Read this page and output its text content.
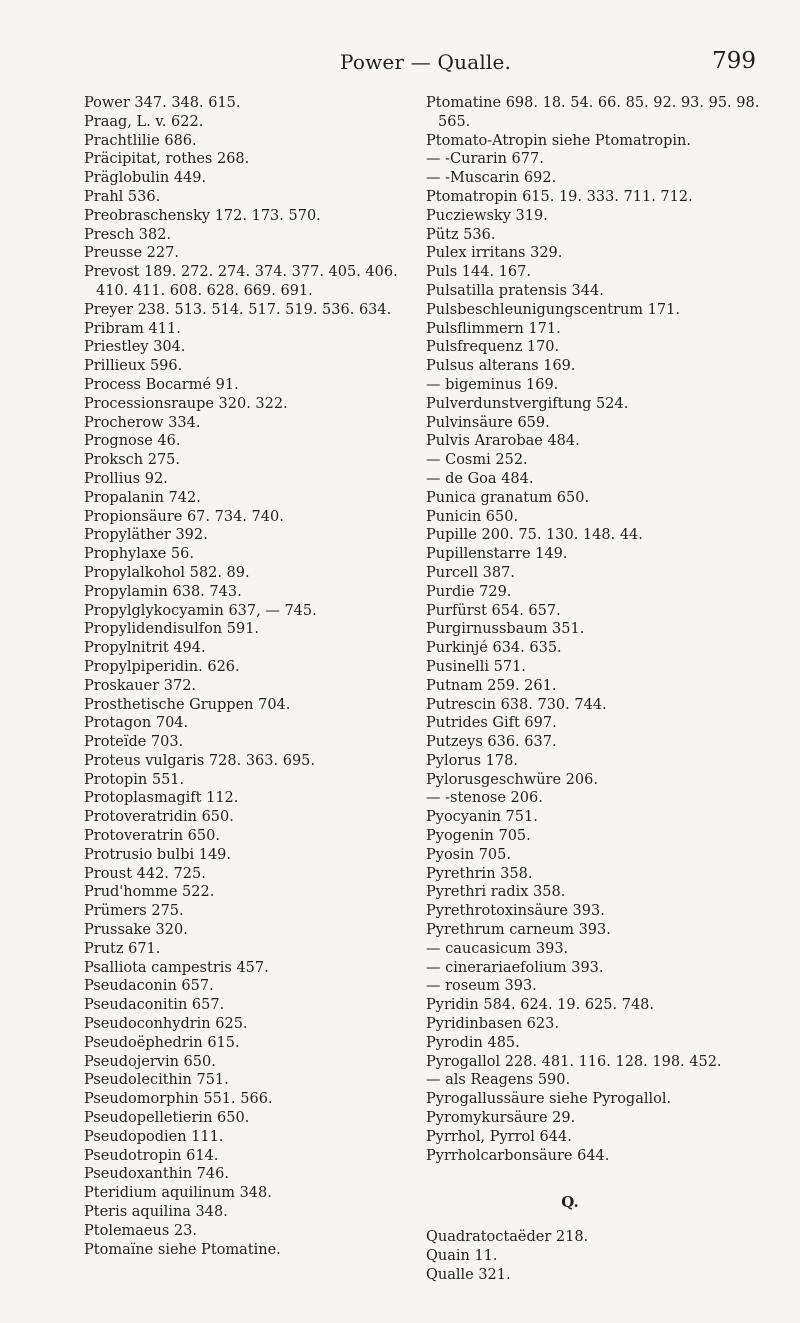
Power — Qualle.	799
Power 347. 348. 615.
Praag, L. v. 622.
Prachtlilie 686.
Präcipitat, rothes 268.
Präglobulin 449.
Prahl 536.
Preobraschensky 172. 173. 570.
Presch 382.
Preusse 227.
Prevost 189. 272. 274. 374. 377. 405. 406. 410. 411. 608. 628. 669. 691.
Preyer 238. 513. 514. 517. 519. 536. 634.
Pribram 411.
Priestley 304.
Prillieux 596.
Process Bocarmé 91.
Processionsraupe 320. 322.
Procherow 334.
Prognose 46.
Proksch 275.
Prollius 92.
Propalanin 742.
Propionsäure 67. 734. 740.
Propyläther 392.
Prophylaxe 56.
Propylalkohol 582. 89.
Propylamin 638. 743.
Propylglykocyamin 637, — 745.
Propylidendisulfon 591.
Propylnitrit 494.
Propylpiperidin. 626.
Proskauer 372.
Prosthetische Gruppen 704.
Protagon 704.
Proteïde 703.
Proteus vulgaris 728. 363. 695.
Protopin 551.
Protoplasmagift 112.
Protoveratridin 650.
Protoveratrin 650.
Protrusio bulbi 149.
Proust 442. 725.
Prud'homme 522.
Prümers 275.
Prussake 320.
Prutz 671.
Psalliota campestris 457.
Pseudaconin 657.
Pseudaconitin 657.
Pseudoconhydrin 625.
Pseudoëphedrin 615.
Pseudojervin 650.
Pseudolecithin 751.
Pseudomorphin 551. 566.
Pseudopelletierin 650.
Pseudopodien 111.
Pseudotropin 614.
Pseudoxanthin 746.
Pteridium aquilinum 348.
Pteris aquilina 348.
Ptolemaeus 23.
Ptomaïne siehe Ptomatine.
Ptomatine 698. 18. 54. 66. 85. 92. 93. 95. 98. 565.
Ptomato-Atropin siehe Ptomatropin.
— -Curarin 677.
— -Muscarin 692.
Ptomatropin 615. 19. 333. 711. 712.
Pucziewsky 319.
Pütz 536.
Pulex irritans 329.
Puls 144. 167.
Pulsatilla pratensis 344.
Pulsbeschleunigungscentrum 171.
Pulsflimmern 171.
Pulsfrequenz 170.
Pulsus alterans 169.
— bigeminus 169.
Pulverdunstvergiftung 524.
Pulvinsäure 659.
Pulvis Ararobae 484.
— Cosmi 252.
— de Goa 484.
Punica granatum 650.
Punicin 650.
Pupille 200. 75. 130. 148. 44.
Pupillenstarre 149.
Purcell 387.
Purdie 729.
Purfürst 654. 657.
Purgirnussbaum 351.
Purkinjé 634. 635.
Pusinelli 571.
Putnam 259. 261.
Putrescin 638. 730. 744.
Putrides Gift 697.
Putzeys 636. 637.
Pylorus 178.
Pylorusgeschwüre 206.
— -stenose 206.
Pyocyanin 751.
Pyogenin 705.
Pyosin 705.
Pyrethrin 358.
Pyrethri radix 358.
Pyrethrotoxinsäure 393.
Pyrethrum carneum 393.
— caucasicum 393.
— cinerariaefolium 393.
— roseum 393.
Pyridin 584. 624. 19. 625. 748.
Pyridinbasen 623.
Pyrodin 485.
Pyrogallol 228. 481. 116. 128. 198. 452.
— als Reagens 590.
Pyrogallussäure siehe Pyrogallol.
Pyromykursäure 29.
Pyrrhol, Pyrrol 644.
Pyrrholcarbonsäure 644.
Q.
Quadratoctaëder 218.
Quain 11.
Qualle 321.
